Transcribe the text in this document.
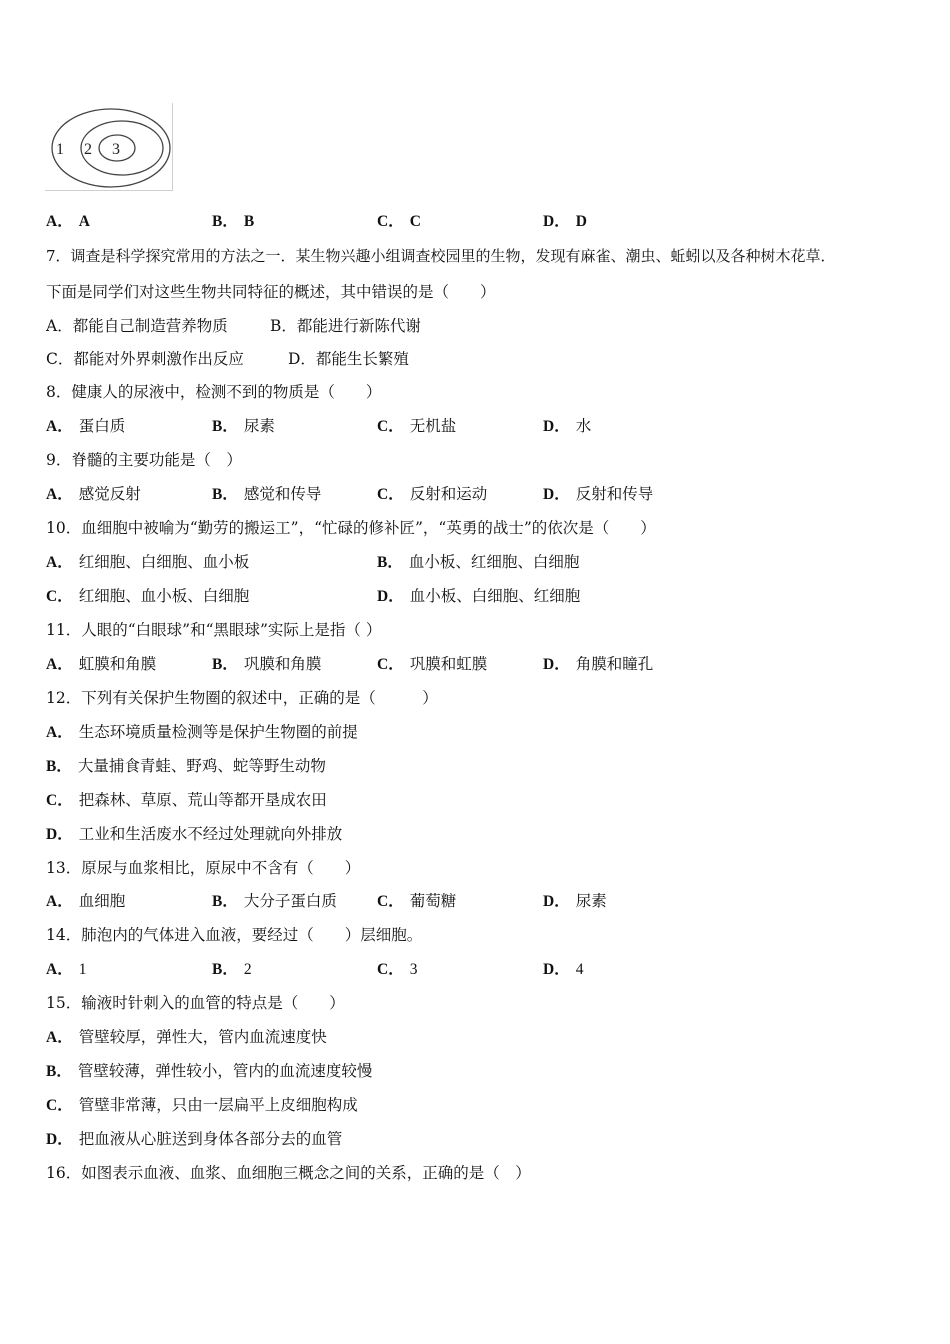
1 2 3
A． A	B． B	C． C	D． D
7．调查是科学探究常用的方法之一．某生物兴趣小组调查校园里的生物，发现有麻雀、潮虫、蚯蚓以及各种树木花草．
下面是同学们对这些生物共同特征的概述，其中错误的是（　　）
A．都能自己制造营养物质	B．都能进行新陈代谢
C．都能对外界刺激作出反应	D．都能生长繁殖
8．健康人的尿液中，检测不到的物质是（　　）
A． 蛋白质	B． 尿素	C． 无机盐	D． 水
9．脊髓的主要功能是（　）
A． 感觉反射	B． 感觉和传导	C． 反射和运动	D． 反射和传导
10．血细胞中被喻为“勤劳的搬运工”，“忙碌的修补匠”，“英勇的战士”的依次是（　　）
A． 红细胞、白细胞、血小板	B． 血小板、红细胞、白细胞
C． 红细胞、血小板、白细胞	D． 血小板、白细胞、红细胞
11．人眼的“白眼球”和“黑眼球”实际上是指（ ）
A． 虹膜和角膜	B． 巩膜和角膜	C． 巩膜和虹膜	D． 角膜和瞳孔
12．下列有关保护生物圈的叙述中，正确的是（　　　）
A． 生态环境质量检测等是保护生物圈的前提
B． 大量捕食青蛙、野鸡、蛇等野生动物
C． 把森林、草原、荒山等都开垦成农田
D． 工业和生活废水不经过处理就向外排放
13．原尿与血浆相比，原尿中不含有（　　）
A． 血细胞	B． 大分子蛋白质	C． 葡萄糖	D． 尿素
14．肺泡内的气体进入血液，要经过（　　）层细胞。
A． 1	B． 2	C． 3	D． 4
15．输液时针刺入的血管的特点是（　　）
A． 管壁较厚，弹性大，管内血流速度快
B． 管壁较薄，弹性较小，管内的血流速度较慢
C． 管壁非常薄，只由一层扁平上皮细胞构成
D． 把血液从心脏送到身体各部分去的血管
16．如图表示血液、血浆、血细胞三概念之间的关系，正确的是（　）
